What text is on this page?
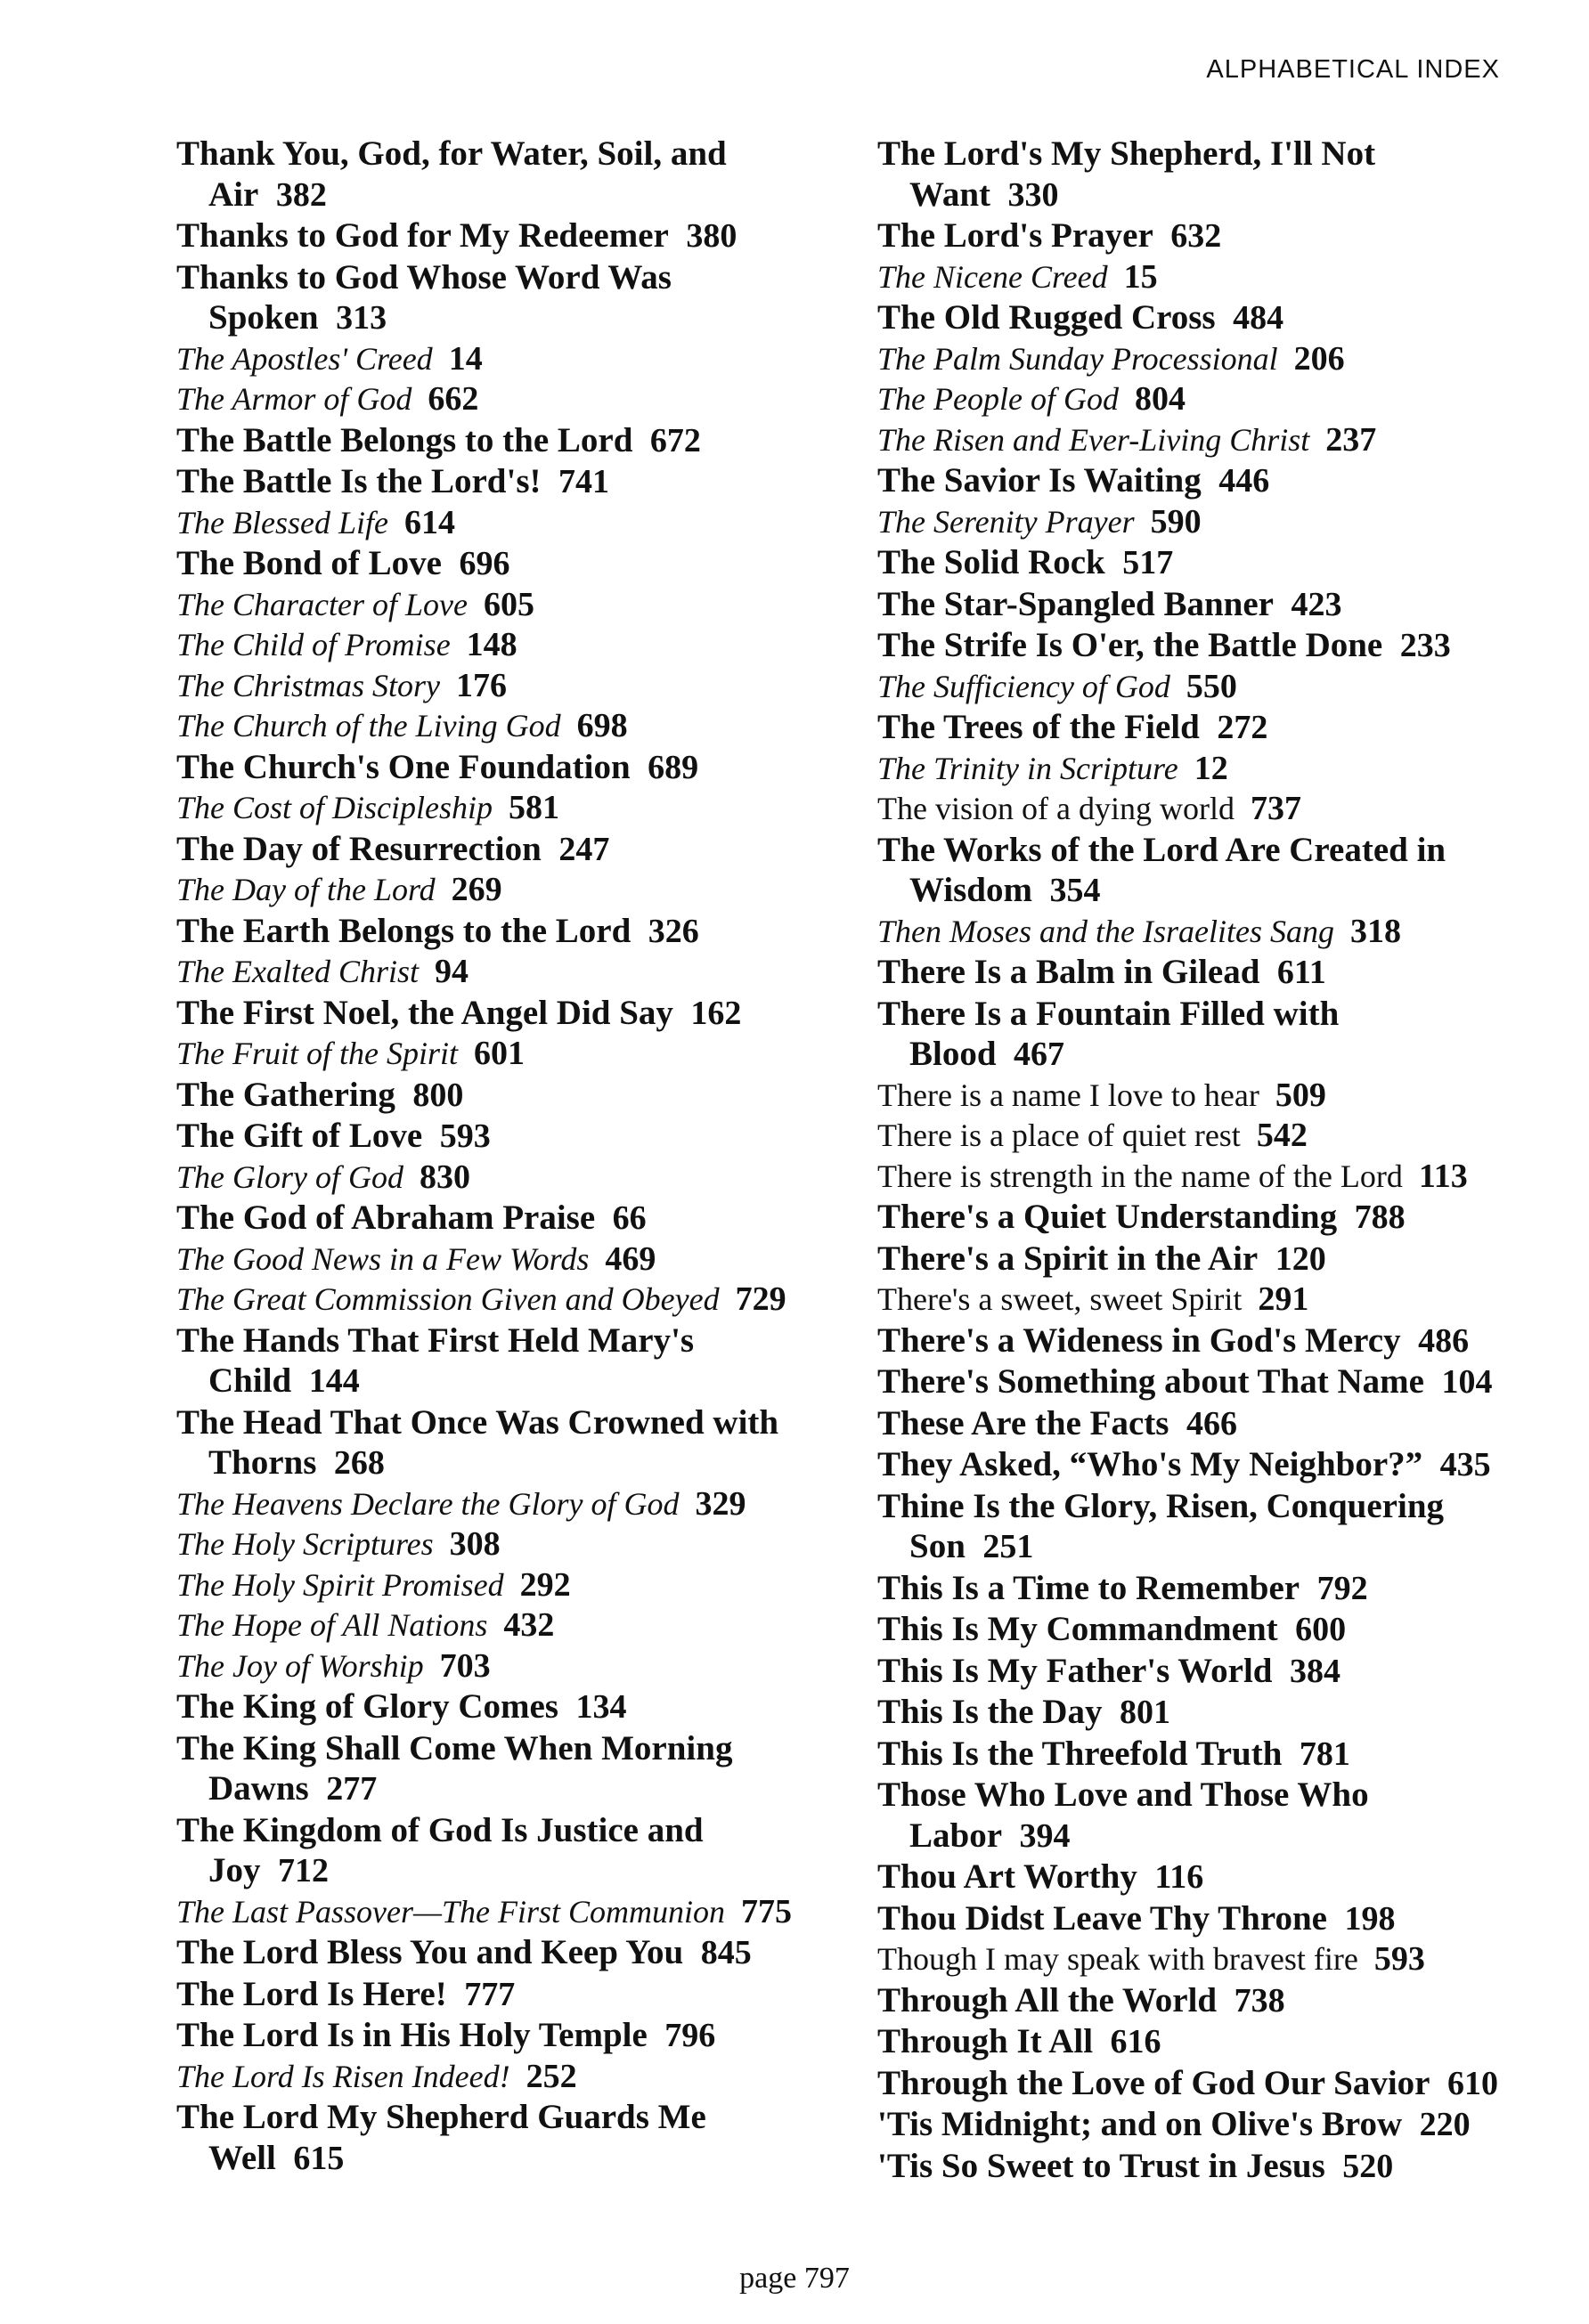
ALPHABETICAL INDEX

Thank You, God, for Water, Soil, and Air 382

Thanks to God for My Redeemer 380

Thanks to God Whose Word Was Spoken 313

The Apostles' Creed 14

The Armor of God 662

The Battle Belongs to the Lord 672

The Battle Is the Lord's! 741

The Blessed Life 614

The Bond of Love 696

The Character of Love 605

The Child of Promise 148

The Christmas Story 176

The Church of the Living God 698

The Church's One Foundation 689

The Cost of Discipleship 581

The Day of Resurrection 247

The Day of the Lord 269

The Earth Belongs to the Lord 326

The Exalted Christ 94

The First Noel, the Angel Did Say 162

The Fruit of the Spirit 601

The Gathering 800

The Gift of Love 593

The Glory of God 830

The God of Abraham Praise 66

The Good News in a Few Words 469

The Great Commission Given and Obeyed 729

The Hands That First Held Mary's Child 144

The Head That Once Was Crowned with Thorns 268

The Heavens Declare the Glory of God 329

The Holy Scriptures 308

The Holy Spirit Promised 292

The Hope of All Nations 432

The Joy of Worship 703

The King of Glory Comes 134

The King Shall Come When Morning Dawns 277

The Kingdom of God Is Justice and Joy 712

The Last Passover—The First Communion 775

The Lord Bless You and Keep You 845

The Lord Is Here! 777

The Lord Is in His Holy Temple 796

The Lord Is Risen Indeed! 252

The Lord My Shepherd Guards Me Well 615

The Lord's My Shepherd, I'll Not Want 330

The Lord's Prayer 632

The Nicene Creed 15

The Old Rugged Cross 484

The Palm Sunday Processional 206

The People of God 804

The Risen and Ever-Living Christ 237

The Savior Is Waiting 446

The Serenity Prayer 590

The Solid Rock 517

The Star-Spangled Banner 423

The Strife Is O'er, the Battle Done 233

The Sufficiency of God 550

The Trees of the Field 272

The Trinity in Scripture 12

The vision of a dying world 737

The Works of the Lord Are Created in Wisdom 354

Then Moses and the Israelites Sang 318

There Is a Balm in Gilead 611

There Is a Fountain Filled with Blood 467

There is a name I love to hear 509

There is a place of quiet rest 542

There is strength in the name of the Lord 113

There's a Quiet Understanding 788

There's a Spirit in the Air 120

There's a sweet, sweet Spirit 291

There's a Wideness in God's Mercy 486

There's Something about That Name 104

These Are the Facts 466

They Asked, “Who's My Neighbor?” 435

Thine Is the Glory, Risen, Conquering Son 251

This Is a Time to Remember 792

This Is My Commandment 600

This Is My Father's World 384

This Is the Day 801

This Is the Threefold Truth 781

Those Who Love and Those Who Labor 394

Thou Art Worthy 116

Thou Didst Leave Thy Throne 198

Though I may speak with bravest fire 593

Through All the World 738

Through It All 616

Through the Love of God Our Savior 610

'Tis Midnight; and on Olive's Brow 220

'Tis So Sweet to Trust in Jesus 520

page 797
